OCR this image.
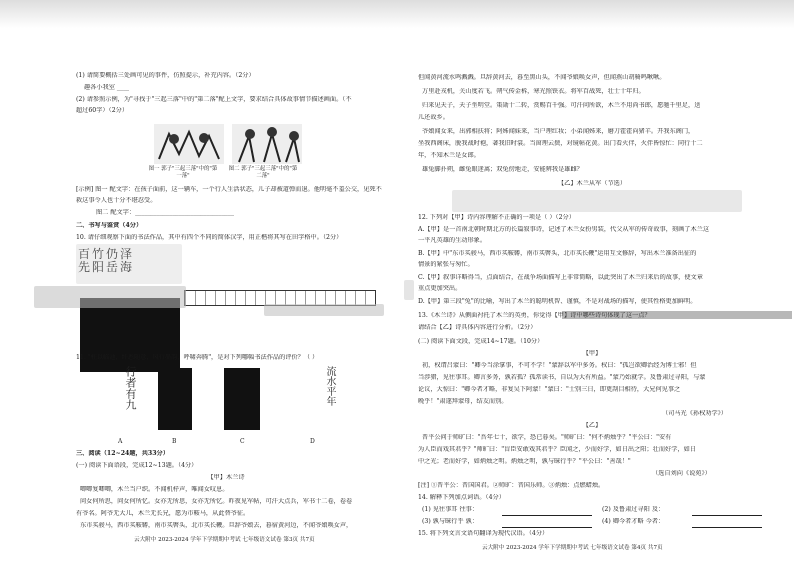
(1) 请简要概括三处画可见的事件，仿照提示，补充内容。（2分）
趣各小我室 ____
(2) 请参照示例，为"寻找于"三起三落"中的"第二落"配上文字，要求结合具体故事情节描述画面。（不
超过60字）（2分）
图一 郭子"三起三落"中的"第一落"
图二 郭子"三起三落"中的"第二落"
[示例] 图一 配文字：在孩子面前，这一辆车，一个行人生活状态，儿子却被道弹而退。他明毫不羞公交，见死不
救这事令人也十分不堪忍受。
图二 配文字：________________________________
二、书写与鉴赏（4分）
10. 请仔细观察下面的书法作品，其中有四个不同的简体汉字，用正楷将其写在田字格中。（2分）
百竹仍泽
先阳岳海
11. "枉以临池，纤悉随意，风行墨韵，呼啸奔腾"，是对下列哪幅书法作品的评价？（ ）
行者有九	流水平年
A	B	C	D
三、阅读（12~24题，共33分）
(一) 阅读下面语段，完成12~13题。（4分）
【甲】木兰诗
唧唧复唧唧，木兰当户织。不闻机杼声，唯闻女叹息。
问女何所思，问女何所忆。女亦无所思，女亦无所忆。昨夜见军帖，可汗大点兵，军书十二卷，卷卷
有爷名。阿爷无大儿，木兰无长兄，愿为市鞍马，从此替爷征。
东市买骏马，西市买鞍鞯，南市买辔头，北市买长鞭。旦辞爷娘去，暮宿黄河边，不闻爷娘唤女声，
云大附中 2023-2024 学年下学期期中考试 七年级语文试卷 第3页 共7页
但闻黄河流水鸣溅溅。旦辞黄河去，暮至黑山头，不闻爷娘唤女声，但闻燕山胡骑鸣啾啾。
万里赴戎机，关山度若飞。朔气传金柝，寒光照铁衣。将军百战死，壮士十年归。
归来见天子，天子坐明堂。策勋十二转，赏赐百千强。可汗问所欲，木兰不用尚书郎，愿驰千里足，送
儿还故乡。
爷娘闻女来，出郭相扶将；阿姊闻妹来，当户理红妆；小弟闻姊来，磨刀霍霍向猪羊。开我东阁门，
坐我西阁床，脱我战时袍，著我旧时裳。当窗理云鬓，对镜帖花黄。出门看火伴，火伴皆惊忙：同行十二
年，不知木兰是女郎。
雄兔脚扑朔，雌兔眼迷离；双兔傍地走，安能辨我是雄雌？
【乙】木兰从军（节选）
12. 下列对【甲】诗内容理解不正确的一项是（ ）（2分）
A.【甲】是一首南北朝时期北方的长篇叙事诗，记述了木兰女扮男装，代父从军的传奇故事，刻画了木兰这
一平凡英雄的生动形象。
B.【甲】中"东市买骏马，西市买鞍鞯，南市买辔头，北市买长鞭"运用互文修辞，写出木兰准备出征的
情景的紧张与匆忙。
C.【甲】叙事详略得当，点面结合，在战争场面描写上非常简略，以此突出了木兰归来后的故事，使文章
重点更加突出。
D.【甲】第三段"兔"的比喻，写出了木兰的聪明机智、谨慎，不是对战场的描写，使其性格更加鲜明。
13.《木兰诗》从侧面衬托了木兰的英勇，你觉得【甲】诗中哪些诗句体现了这一点？
请结合【乙】诗具体内容进行分析。（2分）
(二) 阅读下面文段，完成14~17题。（10分）
【甲】
初，权谓吕蒙曰："卿今当涂掌事，不可不学！"蒙辞以军中多务。权曰："孤岂欲卿治经为博士邪！但
当涉猎，见往事耳。卿言多务，孰若孤？孤常读书，自以为大有所益。"蒙乃始就学。及鲁肃过寻阳，与蒙
论议，大惊曰："卿今者才略，非复吴下阿蒙！"蒙曰："士别三日，即更刮目相待，大兄何见事之
晚乎！"肃遂拜蒙母，结友而别。
（司马光《孙权劝学》）
【乙】
晋平公问于师旷曰："吾年七十，欲学，恐已暮矣。"师旷曰："何不炳烛乎？"平公曰："安有
为人臣而戏其君乎？"师旷曰："盲臣安敢戏其君乎？臣闻之，少而好学，如日出之阳；壮而好学，如日
中之光；老而好学，如炳烛之明。炳烛之明，孰与昧行乎？"平公曰："善哉！"
（选自刘向《说苑》）
[注] ①晋平公：晋国国君。②师旷：晋国乐师。③炳烛：点燃蜡烛。
14. 解释下列加点词语。（4分）
(1) 见往事耳 往事：	(2) 及鲁肃过寻阳 及：
(3) 孰与昧行乎 孰：	(4) 卿今者才略 今者：
15. 将下列文言文语句翻译为现代汉语。（4分）
云大附中 2023-2024 学年下学期期中考试 七年级语文试卷 第4页 共7页
